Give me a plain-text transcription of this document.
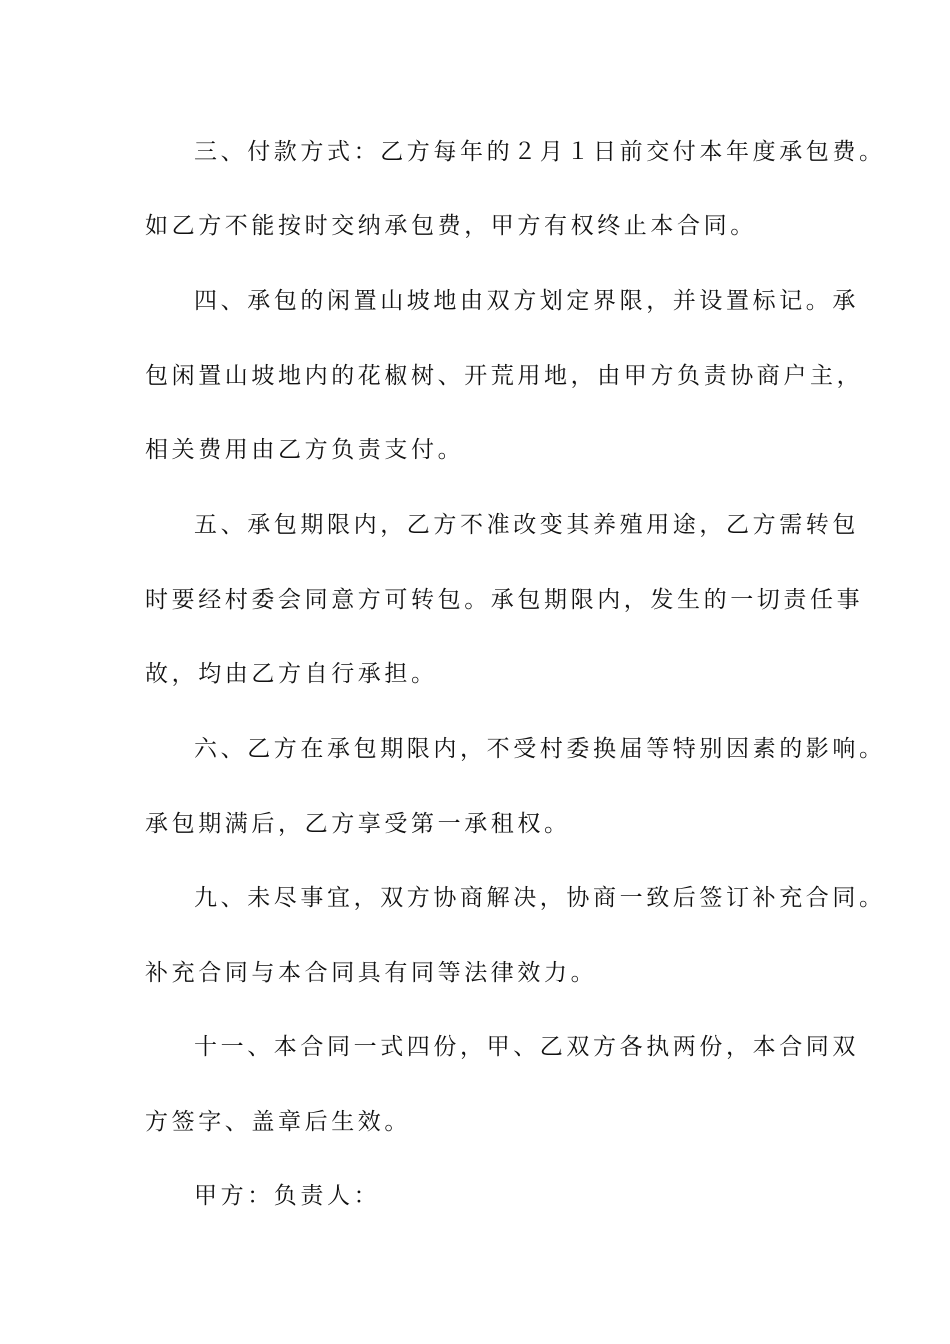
三、付款方式：乙方每年的２月１日前交付本年度承包费。
如乙方不能按时交纳承包费，甲方有权终止本合同。
四、承包的闲置山坡地由双方划定界限，并设置标记。承
包闲置山坡地内的花椒树、开荒用地，由甲方负责协商户主，
相关费用由乙方负责支付。
五、承包期限内，乙方不准改变其养殖用途，乙方需转包
时要经村委会同意方可转包。承包期限内，发生的一切责任事
故，均由乙方自行承担。
六、乙方在承包期限内，不受村委换届等特别因素的影响。
承包期满后，乙方享受第一承租权。
九、未尽事宜，双方协商解决，协商一致后签订补充合同。
补充合同与本合同具有同等法律效力。
十一、本合同一式四份，甲、乙双方各执两份，本合同双
方签字、盖章后生效。
甲方：负责人：
